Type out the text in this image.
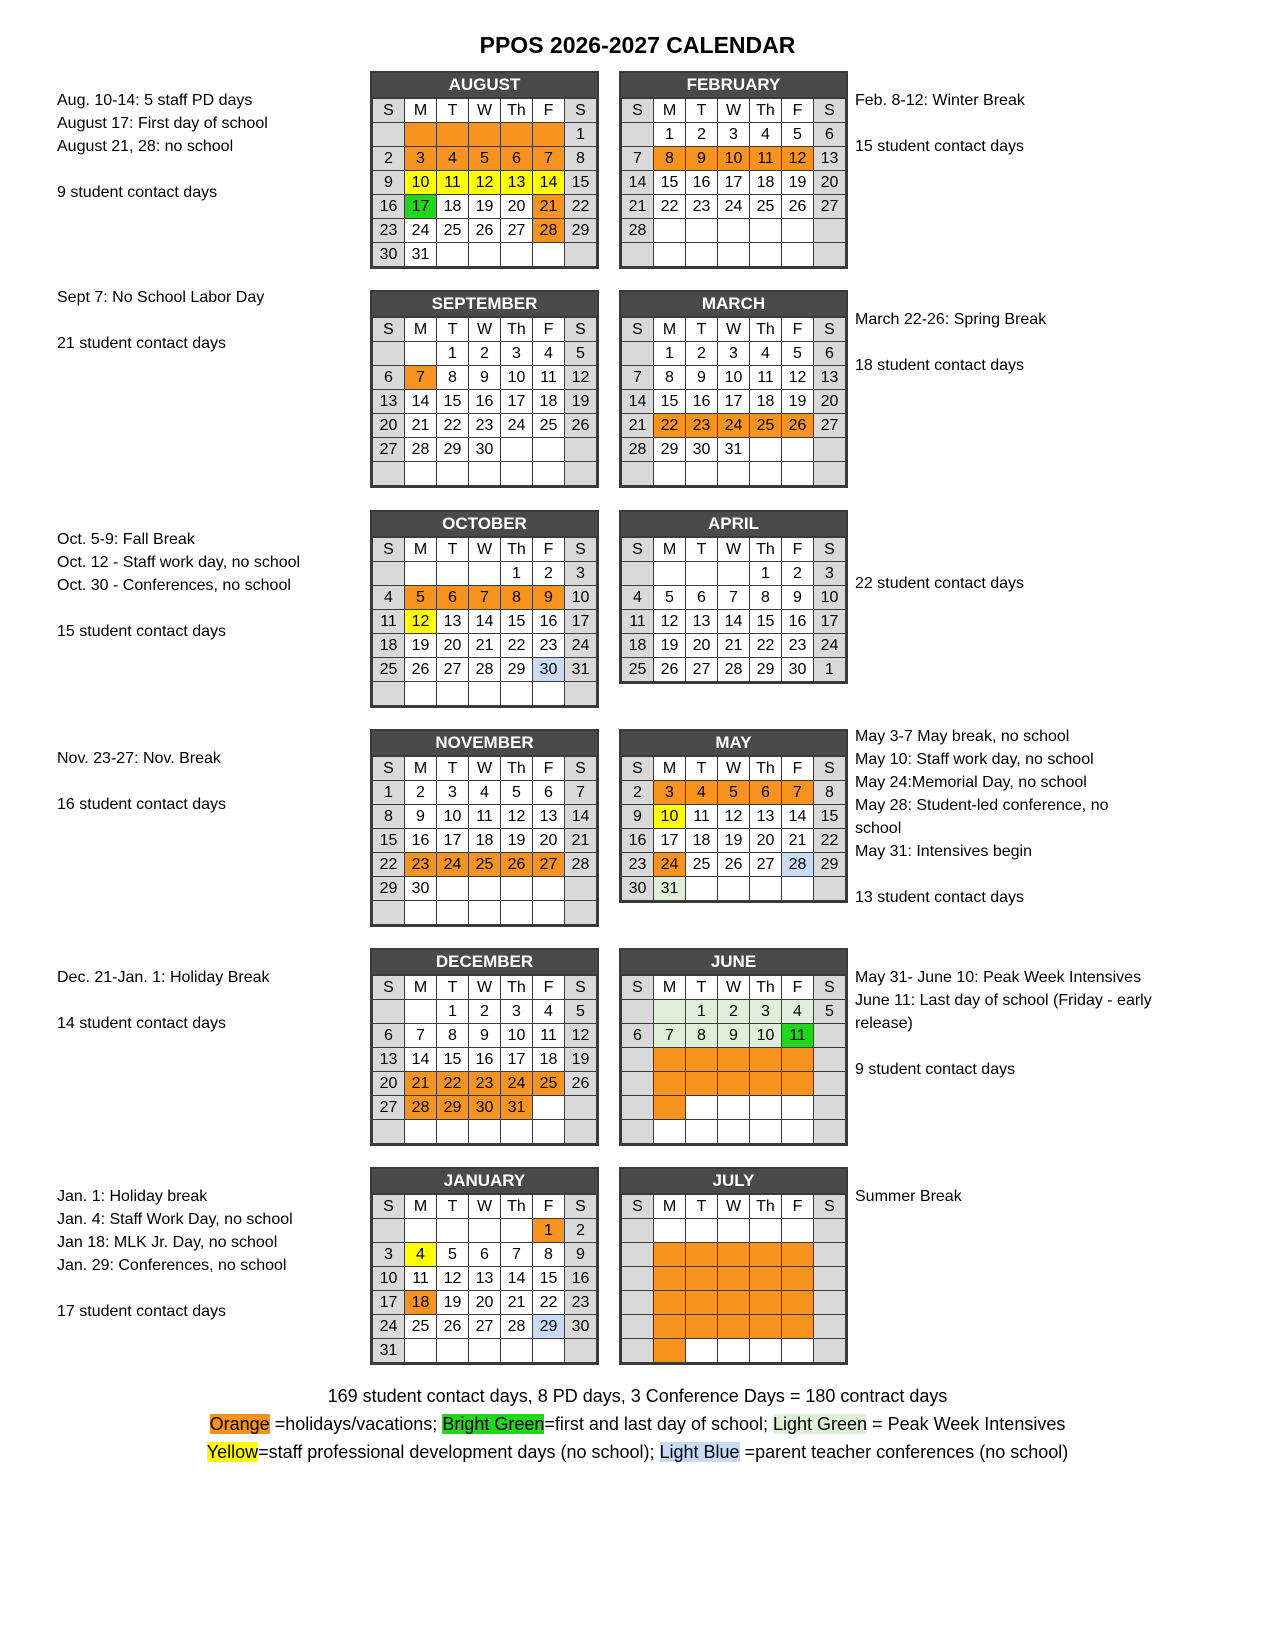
PPOS 2026-2027 CALENDAR
AUGUST
S	M	T	W	Th	F	S
						1
2	3	4	5	6	7	8
9	10	11	12	13	14	15
16	17	18	19	20	21	22
23	24	25	26	27	28	29
30	31					
FEBRUARY
S	M	T	W	Th	F	S
	1	2	3	4	5	6
7	8	9	10	11	12	13
14	15	16	17	18	19	20
21	22	23	24	25	26	27
28						

SEPTEMBER
S	M	T	W	Th	F	S
		1	2	3	4	5
6	7	8	9	10	11	12
13	14	15	16	17	18	19
20	21	22	23	24	25	26
27	28	29	30			

MARCH
S	M	T	W	Th	F	S
	1	2	3	4	5	6
7	8	9	10	11	12	13
14	15	16	17	18	19	20
21	22	23	24	25	26	27
28	29	30	31			

OCTOBER
S	M	T	W	Th	F	S
				1	2	3
4	5	6	7	8	9	10
11	12	13	14	15	16	17
18	19	20	21	22	23	24
25	26	27	28	29	30	31

APRIL
S	M	T	W	Th	F	S
				1	2	3
4	5	6	7	8	9	10
11	12	13	14	15	16	17
18	19	20	21	22	23	24
25	26	27	28	29	30	1
NOVEMBER
S	M	T	W	Th	F	S
1	2	3	4	5	6	7
8	9	10	11	12	13	14
15	16	17	18	19	20	21
22	23	24	25	26	27	28
29	30					

MAY
S	M	T	W	Th	F	S
2	3	4	5	6	7	8
9	10	11	12	13	14	15
16	17	18	19	20	21	22
23	24	25	26	27	28	29
30	31					
DECEMBER
S	M	T	W	Th	F	S
		1	2	3	4	5
6	7	8	9	10	11	12
13	14	15	16	17	18	19
20	21	22	23	24	25	26
27	28	29	30	31		

JUNE
S	M	T	W	Th	F	S
		1	2	3	4	5
6	7	8	9	10	11	

JANUARY
S	M	T	W	Th	F	S
					1	2
3	4	5	6	7	8	9
10	11	12	13	14	15	16
17	18	19	20	21	22	23
24	25	26	27	28	29	30
31						
JULY
S	M	T	W	Th	F	S

Aug. 10-14: 5 staff PD days
August 17: First day of school
August 21, 28: no school
9 student contact days
Feb. 8-12: Winter Break
15 student contact days
Sept 7: No School Labor Day
21 student contact days
March 22-26: Spring Break
18 student contact days
Oct. 5-9: Fall Break
Oct. 12 - Staff work day, no school
Oct. 30 - Conferences, no school
15 student contact days
22 student contact days
Nov. 23-27: Nov. Break
16 student contact days
May 3-7 May break, no school
May 10: Staff work day, no school
May 24:Memorial Day, no school
May 28: Student-led conference, no
school
May 31: Intensives begin
13 student contact days
Dec. 21-Jan. 1: Holiday Break
14 student contact days
May 31- June 10: Peak Week Intensives
June 11: Last day of school (Friday - early
release)
9 student contact days
Jan. 1: Holiday break
Jan. 4: Staff Work Day, no school
Jan 18: MLK Jr. Day, no school
Jan. 29: Conferences, no school
17 student contact days
Summer Break
169 student contact days, 8 PD days, 3 Conference Days = 180 contract days
Orange =holidays/vacations; Bright Green=first and last day of school; Light Green = Peak Week Intensives
Yellow=staff professional development days (no school); Light Blue =parent teacher conferences (no school)
